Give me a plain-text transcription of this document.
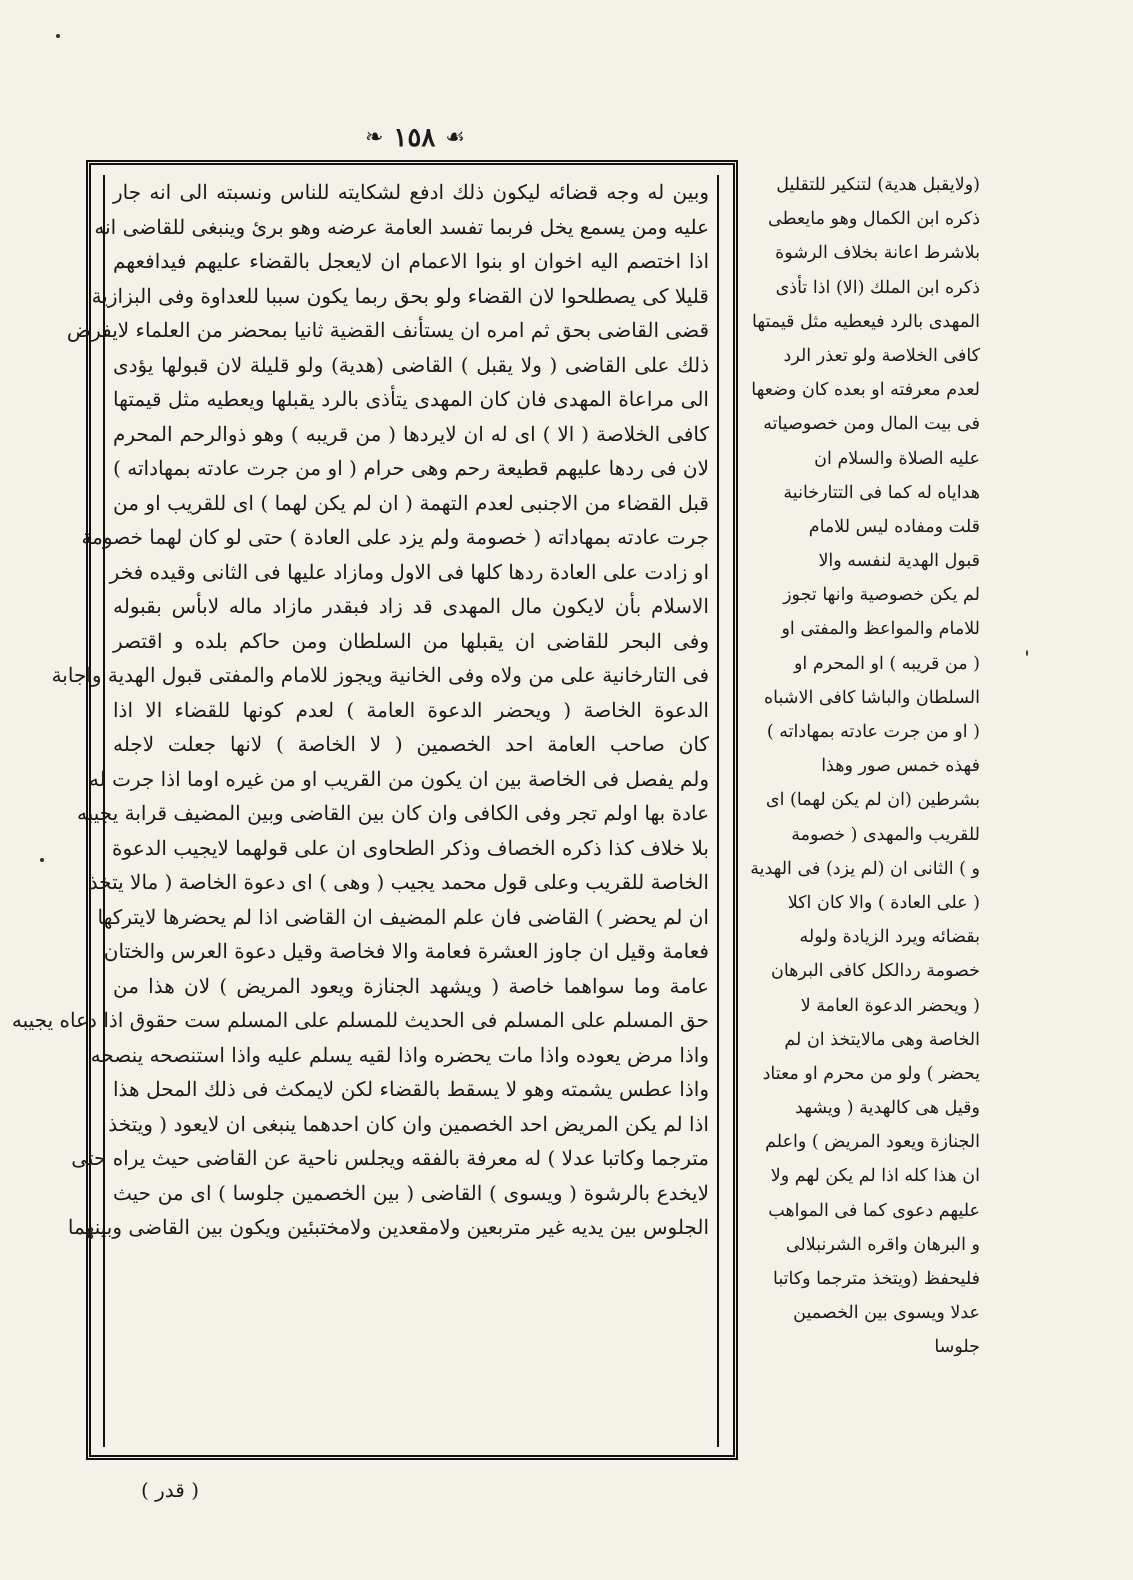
❧ ١٥٨ ☙
وبين له وجه قضائه ليكون ذلك ادفع لشكايته للناس ونسبته الى انه جار
عليه ومن يسمع يخل فربما تفسد العامة عرضه وهو برئ وينبغى للقاضى انه
اذا اختصم اليه اخوان او بنوا الاعمام ان لايعجل بالقضاء عليهم فيدافعهم
قليلا كى يصطلحوا لان القضاء ولو بحق ربما يكون سببا للعداوة وفى البزازية
قضى القاضى بحق ثم امره ان يستأنف القضية ثانيا بمحضر من العلماء لايفرض
ذلك على القاضى ( ولا يقبل ) القاضى (هدية) ولو قليلة لان قبولها يؤدى
الى مراعاة المهدى فان كان المهدى يتأذى بالرد يقبلها ويعطيه مثل قيمتها
كافى الخلاصة ( الا ) اى له ان لايردها ( من قريبه ) وهو ذوالرحم المحرم
لان فى ردها عليهم قطيعة رحم وهى حرام ( او من جرت عادته بمهاداته )
قبل القضاء من الاجنبى لعدم التهمة ( ان لم يكن لهما ) اى للقريب او من
جرت عادته بمهاداته ( خصومة ولم يزد على العادة ) حتى لو كان لهما خصومة
او زادت على العادة ردها كلها فى الاول ومازاد عليها فى الثانى وقيده فخر
الاسلام بأن لايكون مال المهدى قد زاد فبقدر مازاد ماله لابأس بقبوله
وفى البحر للقاضى ان يقبلها من السلطان ومن حاكم بلده و اقتصر
فى التارخانية على من ولاه وفى الخانية ويجوز للامام والمفتى قبول الهدية واجابة
الدعوة الخاصة ( ويحضر الدعوة العامة ) لعدم كونها للقضاء الا اذا
كان صاحب العامة احد الخصمين ( لا الخاصة ) لانها جعلت لاجله
ولم يفصل فى الخاصة بين ان يكون من القريب او من غيره اوما اذا جرت له
عادة بها اولم تجر وفى الكافى وان كان بين القاضى وبين المضيف قرابة يجيبه
بلا خلاف كذا ذكره الخصاف وذكر الطحاوى ان على قولهما لايجيب الدعوة
الخاصة للقريب وعلى قول محمد يجيب ( وهى ) اى دعوة الخاصة ( مالا يتخذ
ان لم يحضر ) القاضى فان علم المضيف ان القاضى اذا لم يحضرها لايتركها
فعامة وقيل ان جاوز العشرة فعامة والا فخاصة وقيل دعوة العرس والختان
عامة وما سواهما خاصة ( ويشهد الجنازة ويعود المريض ) لان هذا من
حق المسلم على المسلم فى الحديث للمسلم على المسلم ست حقوق اذا دعاه يجيبه
واذا مرض يعوده واذا مات يحضره واذا لقيه يسلم عليه واذا استنصحه ينصحه
واذا عطس يشمته وهو لا يسقط بالقضاء لكن لايمكث فى ذلك المحل هذا
اذا لم يكن المريض احد الخصمين وان كان احدهما ينبغى ان لايعود ( ويتخذ
مترجما وكاتبا عدلا ) له معرفة بالفقه ويجلس ناحية عن القاضى حيث يراه حتى
لايخدع بالرشوة ( ويسوى ) القاضى ( بين الخصمين جلوسا ) اى من حيث
الجلوس بين يديه غير متربعين ولامقعدين ولامختبئين ويكون بين القاضى وبينهما
(ولايقبل هدية) لتنكير للتقليل
ذكره ابن الكمال وهو مايعطى
بلاشرط اعانة بخلاف الرشوة
ذكره ابن الملك (الا) اذا تأذى
المهدى بالرد فيعطيه مثل قيمتها
كافى الخلاصة ولو تعذر الرد
لعدم معرفته او بعده كان وضعها
فى بيت المال ومن خصوصياته
عليه الصلاة والسلام ان
هداياه له كما فى التتارخانية
قلت ومفاده ليس للامام
قبول الهدية لنفسه والا
لم يكن خصوصية وانها تجوز
للامام والمواعظ والمفتى او
( من قريبه ) او المحرم او
السلطان والباشا كافى الاشباه
( او من جرت عادته بمهاداته )
فهذه خمس صور وهذا
بشرطين (ان لم يكن لهما) اى
للقريب والمهدى ( خصومة
و ) الثانى ان (لم يزد) فى الهدية
( على العادة ) والا كان اكلا
بقضائه ويرد الزيادة ولوله
خصومة ردالكل كافى البرهان
( ويحضر الدعوة العامة لا
الخاصة وهى مالايتخذ ان لم
يحضر ) ولو من محرم او معتاد
وقيل هى كالهدية ( ويشهد
الجنازة ويعود المريض ) واعلم
ان هذا كله اذا لم يكن لهم ولا
عليهم دعوى كما فى المواهب
و البرهان واقره الشرنبلالى
فليحفظ (ويتخذ مترجما وكاتبا
عدلا ويسوى بين الخصمين
جلوسا
( قدر )
